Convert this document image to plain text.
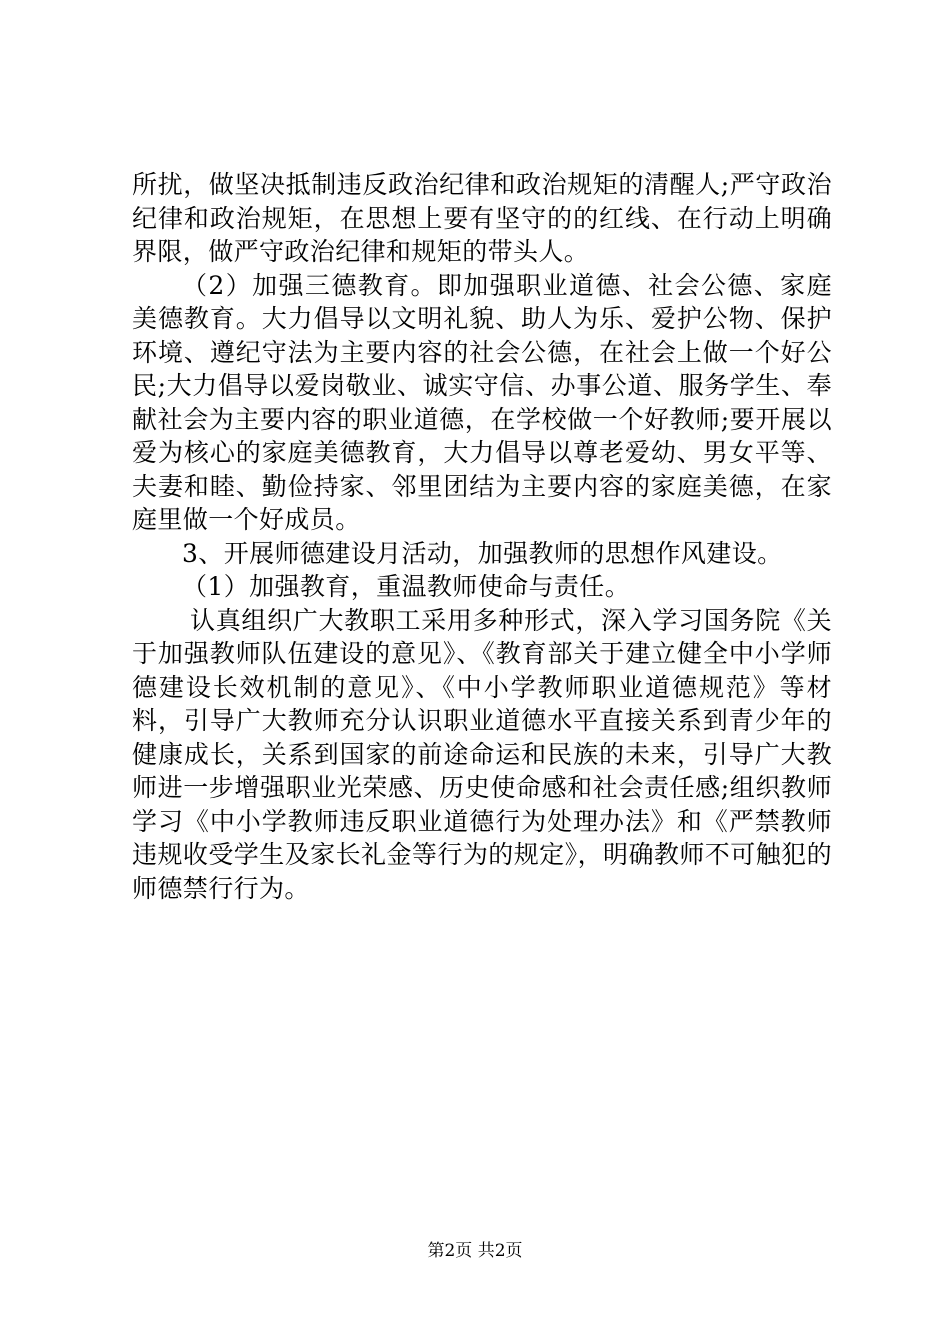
所扰，做坚决抵制违反政治纪律和政治规矩的清醒人;严守政治纪律和政治规矩，在思想上要有坚守的的红线、在行动上明确界限，做严守政治纪律和规矩的带头人。

（2）加强三德教育。即加强职业道德、社会公德、家庭美德教育。大力倡导以文明礼貌、助人为乐、爱护公物、保护环境、遵纪守法为主要内容的社会公德，在社会上做一个好公民;大力倡导以爱岗敬业、诚实守信、办事公道、服务学生、奉献社会为主要内容的职业道德，在学校做一个好教师;要开展以爱为核心的家庭美德教育，大力倡导以尊老爱幼、男女平等、夫妻和睦、勤俭持家、邻里团结为主要内容的家庭美德，在家庭里做一个好成员。

3、开展师德建设月活动，加强教师的思想作风建设。

（1）加强教育，重温教师使命与责任。

认真组织广大教职工采用多种形式，深入学习国务院《关于加强教师队伍建设的意见》、《教育部关于建立健全中小学师德建设长效机制的意见》、《中小学教师职业道德规范》等材料，引导广大教师充分认识职业道德水平直接关系到青少年的健康成长，关系到国家的前途命运和民族的未来，引导广大教师进一步增强职业光荣感、历史使命感和社会责任感;组织教师学习《中小学教师违反职业道德行为处理办法》和《严禁教师违规收受学生及家长礼金等行为的规定》，明确教师不可触犯的师德禁行行为。

第2页 共2页
